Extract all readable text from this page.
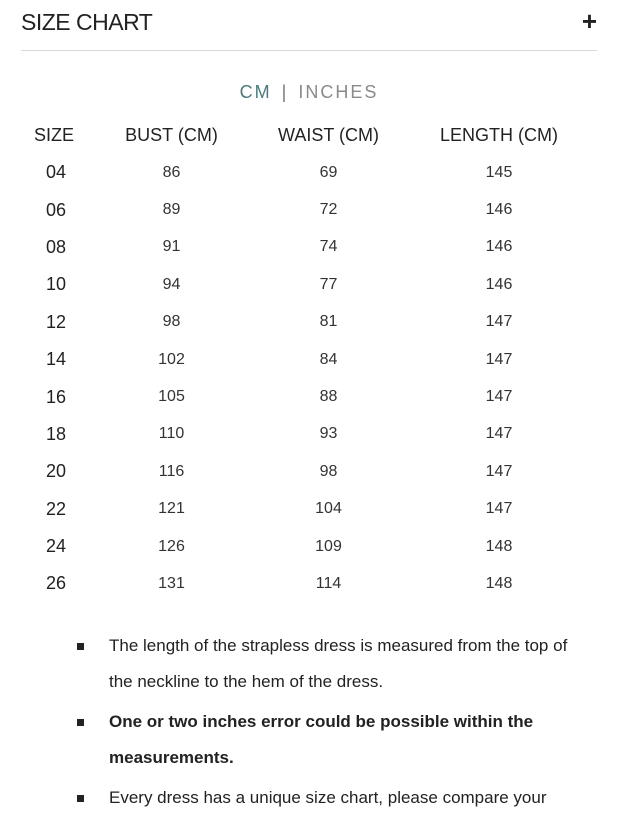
SIZE CHART	+
CM | INCHES
SIZE	BUST (CM)	WAIST (CM)	LENGTH (CM)
04	86	69	145
06	89	72	146
08	91	74	146
10	94	77	146
12	98	81	147
14	102	84	147
16	105	88	147
18	110	93	147
20	116	98	147
22	121	104	147
24	126	109	148
26	131	114	148
The length of the strapless dress is measured from the top of the neckline to the hem of the dress.
One or two inches error could be possible within the measurements.
Every dress has a unique size chart, please compare your
